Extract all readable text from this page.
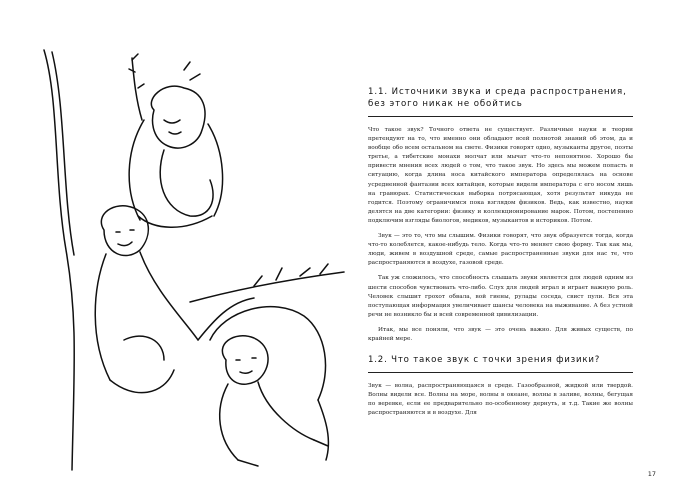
1.1. Источники звука и среда распространения,
без этого никак не обойтись

Что такое звук? Точного ответа не существует. Различные науки и теории претендуют на то, что именно они обладают всей полнотой знаний об этом, да и вообще обо всем остальном на свете. Физики говорят одно, музыканты другое, поэты третье, а тибетские монахи молчат или мычат что-то непонятное. Хорошо бы привести мнения всех людей о том, что такое звук. Но здесь мы можем попасть в ситуацию, когда длина носа китайского императора определялась на основе усредненной фантазии всех китайцев, которые видели императора с его носом лишь на гравюрах. Статистическая выборка потрясающая, хотя результат никуда не годится. Поэтому ограничимся пока взглядом физиков. Ведь, как известно, науки делятся на две категории: физику и коллекционирование марок. Потом, постепенно подключим взгляды биологов, медиков, музыкантов и историков. Потом.

Звук — это то, что мы слышим. Физики говорят, что звук образуется тогда, когда что-то колеблется, какое-нибудь тело. Когда что-то меняет свою форму. Так как мы, люди, живем в воздушной среде, самые распространенные звуки для нас те, что распространяются в воздухе, газовой среде.

Так уж сложилось, что способность слышать звуки является для людей одним из шести способов чувствовать что-либо. Слух для людей играл и играет важную роль. Человек слышит грохот обвала, вой гиены, рулады соседа, свист пули. Вся эта поступающая информация увеличивает шансы человека на выживание. А без устной речи не возникло бы и всей современной цивилизации.

Итак, мы все поняли, что звук — это очень важно. Для живых существ, по крайней мере.

1.2. Что такое звук с точки зрения физики?

Звук — волна, распространяющаяся в среде. Газообразной, жидкой или твердой. Волны видели все. Волны на море, волны в океане, волны в заливе, волны, бегущая по веревке, если ее предварительно по-особенному дернуть, и т.д. Такие же волны распространяются и в воздухе. Для

17
